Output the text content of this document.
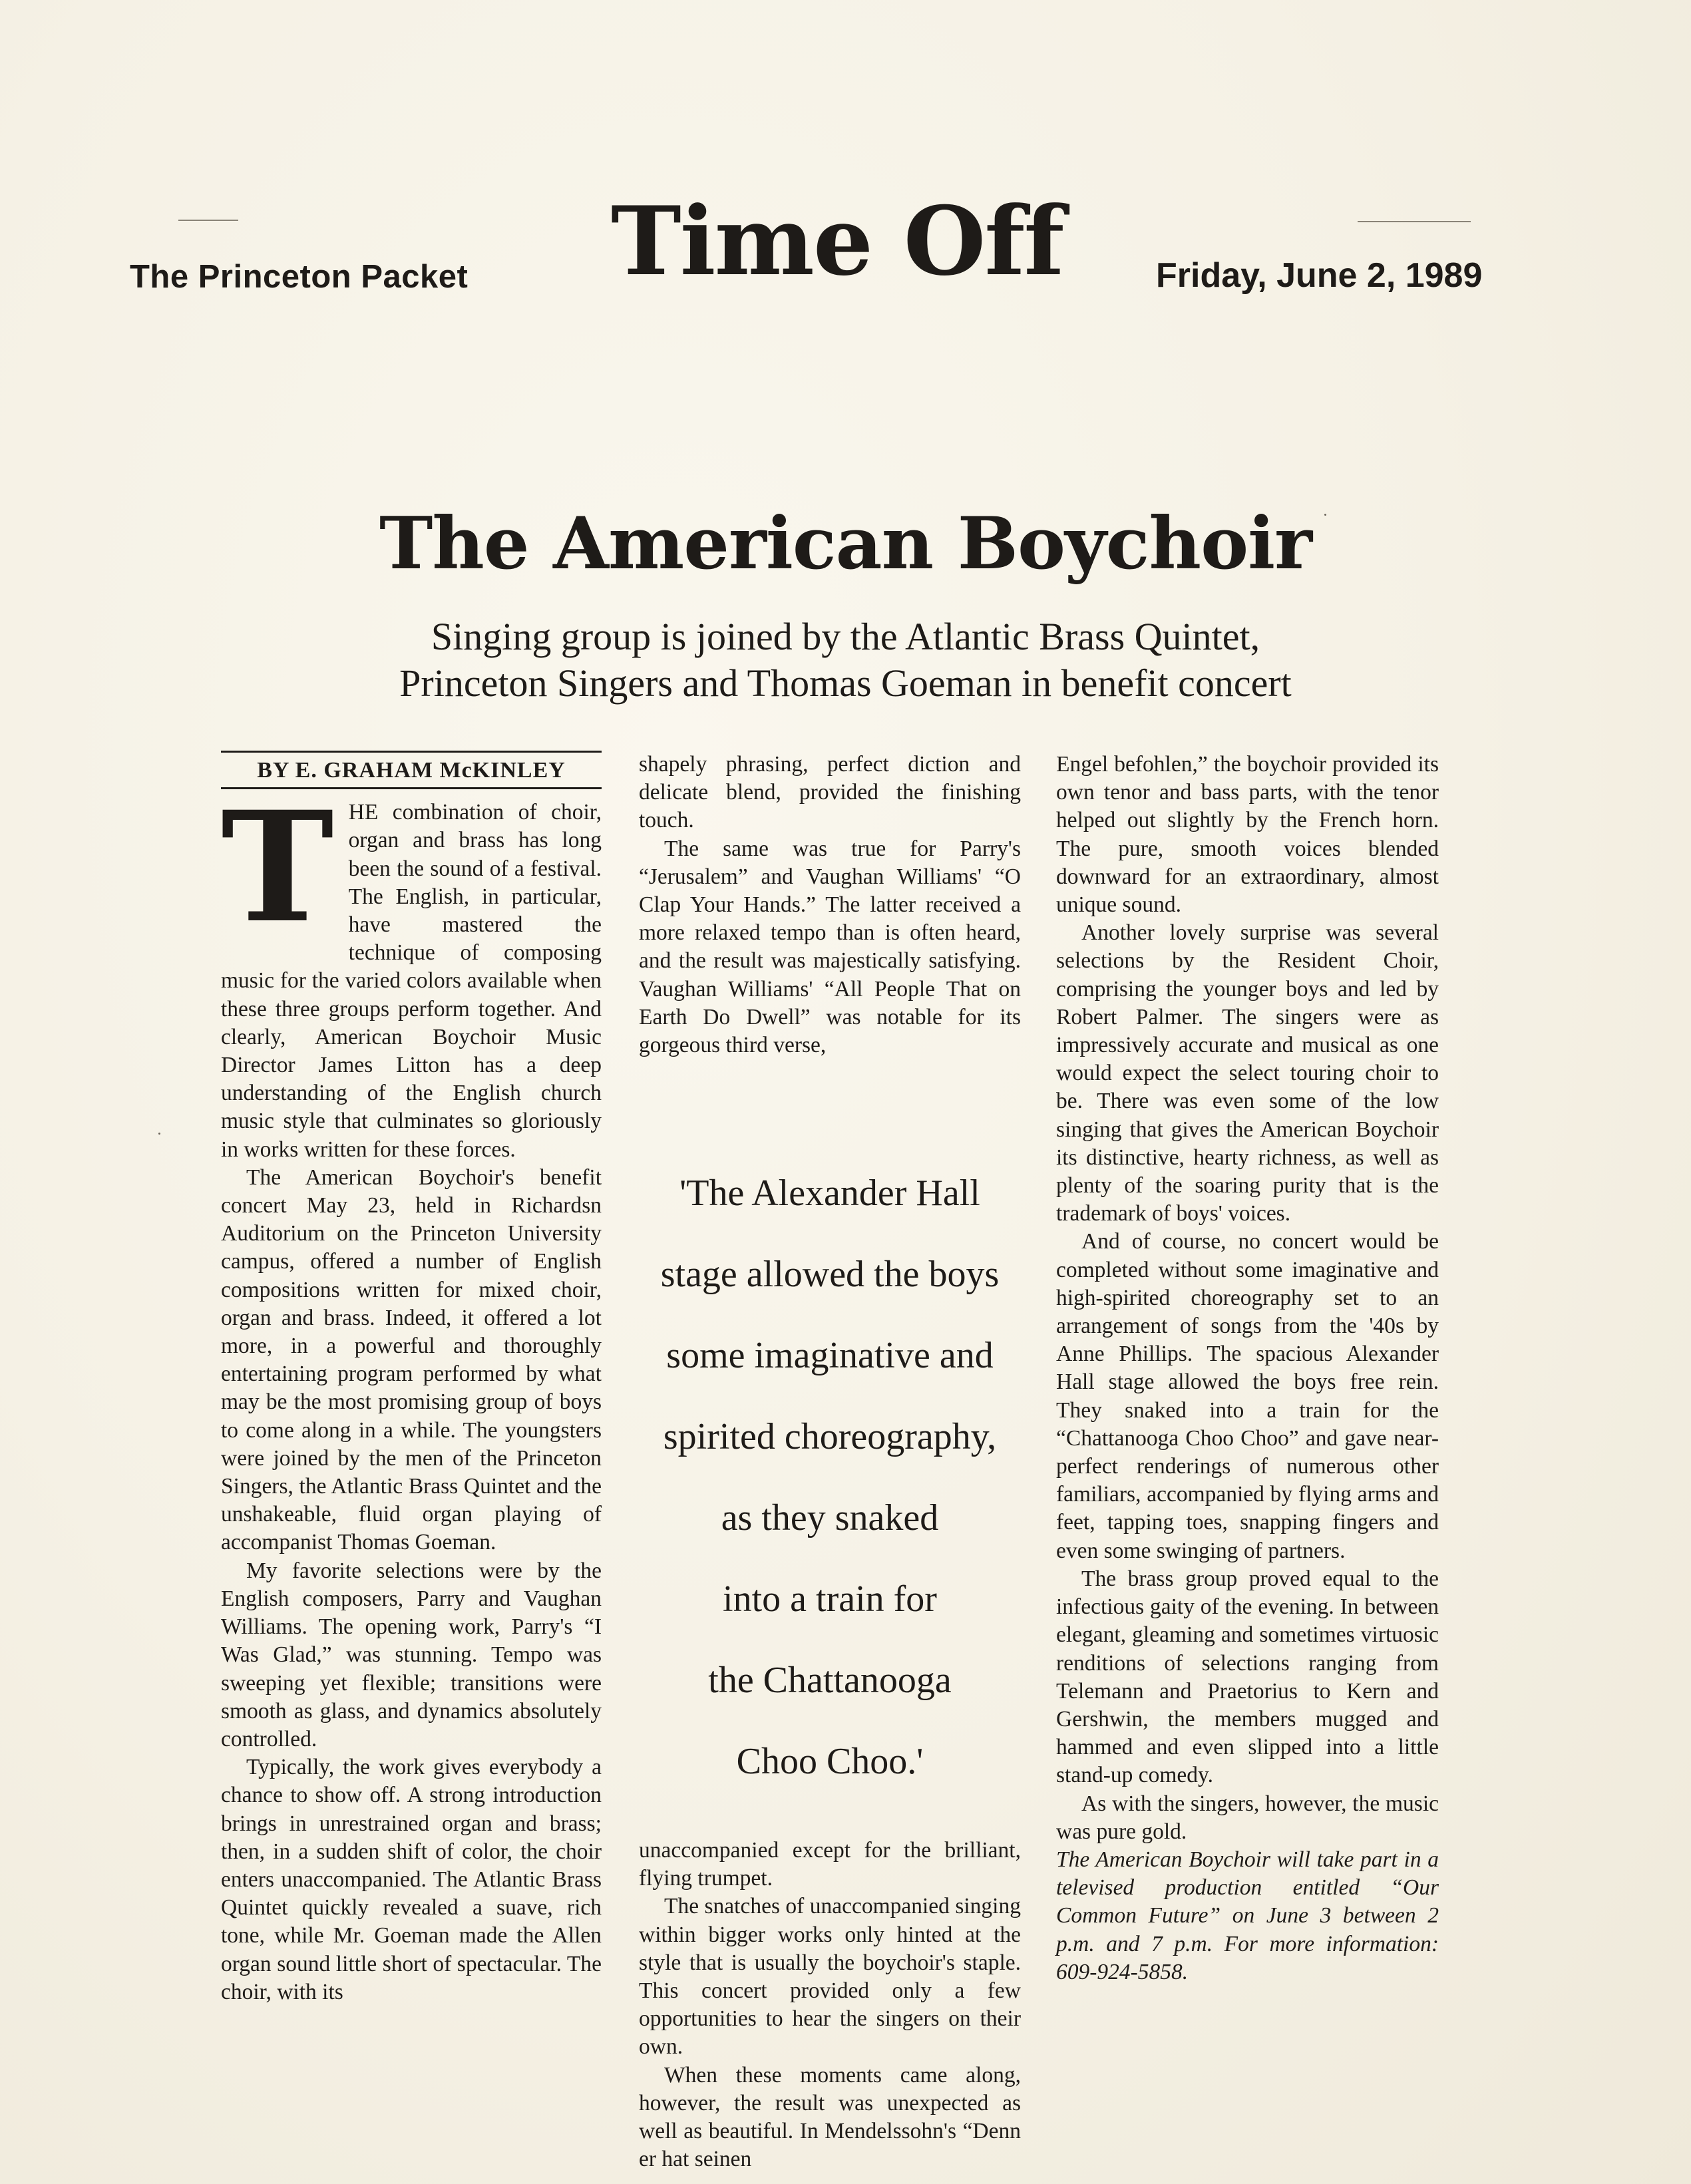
The Princeton Packet Time Off	Friday, June 2, 1989
The American Boychoir
Singing group is joined by the Atlantic Brass Quintet,
Princeton Singers and Thomas Goeman in benefit concert
BY E. GRAHAM McKINLEY

THE combination of choir, organ and brass has long been the sound of a festival. The English, in particular, have mastered the technique of composing music for the varied colors available when these three groups perform together. And clearly, American Boychoir Music Director James Litton has a deep understanding of the English church music style that culminates so gloriously in works written for these forces.

The American Boychoir's benefit concert May 23, held in Richardsn Auditorium on the Princeton University campus, offered a number of English compositions written for mixed choir, organ and brass. Indeed, it offered a lot more, in a powerful and thoroughly entertaining program performed by what may be the most promising group of boys to come along in a while. The youngsters were joined by the men of the Princeton Singers, the Atlantic Brass Quintet and the unshakeable, fluid organ playing of accompanist Thomas Goeman.

My favorite selections were by the English composers, Parry and Vaughan Williams. The opening work, Parry's “I Was Glad,” was stunning. Tempo was sweeping yet flexible; transitions were smooth as glass, and dynamics absolutely controlled.

Typically, the work gives everybody a chance to show off. A strong introduction brings in unrestrained organ and brass; then, in a sudden shift of color, the choir enters unaccompanied. The Atlantic Brass Quintet quickly revealed a suave, rich tone, while Mr. Goeman made the Allen organ sound little short of spectacular. The choir, with its

shapely phrasing, perfect diction and delicate blend, provided the finishing touch.

The same was true for Parry's “Jerusalem” and Vaughan Williams' “O Clap Your Hands.” The latter received a more relaxed tempo than is often heard, and the result was majestically satisfying. Vaughan Williams' “All People That on Earth Do Dwell” was notable for its gorgeous third verse,

'The Alexander Hall
stage allowed the boys
some imaginative and
spirited choreography,
as they snaked
into a train for
the Chattanooga
Choo Choo.'

unaccompanied except for the brilliant, flying trumpet.

The snatches of unaccompanied singing within bigger works only hinted at the style that is usually the boychoir's staple. This concert provided only a few opportunities to hear the singers on their own.

When these moments came along, however, the result was unexpected as well as beautiful. In Mendelssohn's “Denn er hat seinen

Engel befohlen,” the boychoir provided its own tenor and bass parts, with the tenor helped out slightly by the French horn. The pure, smooth voices blended downward for an extraordinary, almost unique sound.

Another lovely surprise was several selections by the Resident Choir, comprising the younger boys and led by Robert Palmer. The singers were as impressively accurate and musical as one would expect the select touring choir to be. There was even some of the low singing that gives the American Boychoir its distinctive, hearty richness, as well as plenty of the soaring purity that is the trademark of boys' voices.

And of course, no concert would be completed without some imaginative and high-spirited choreography set to an arrangement of songs from the '40s by Anne Phillips. The spacious Alexander Hall stage allowed the boys free rein. They snaked into a train for the “Chattanooga Choo Choo” and gave near-perfect renderings of numerous other familiars, accompanied by flying arms and feet, tapping toes, snapping fingers and even some swinging of partners.

The brass group proved equal to the infectious gaity of the evening. In between elegant, gleaming and sometimes virtuosic renditions of selections ranging from Telemann and Praetorius to Kern and Gershwin, the members mugged and hammed and even slipped into a little stand-up comedy.

As with the singers, however, the music was pure gold.

The American Boychoir will take part in a televised production entitled “Our Common Future” on June 3 between 2 p.m. and 7 p.m. For more information: 609-924-5858.
